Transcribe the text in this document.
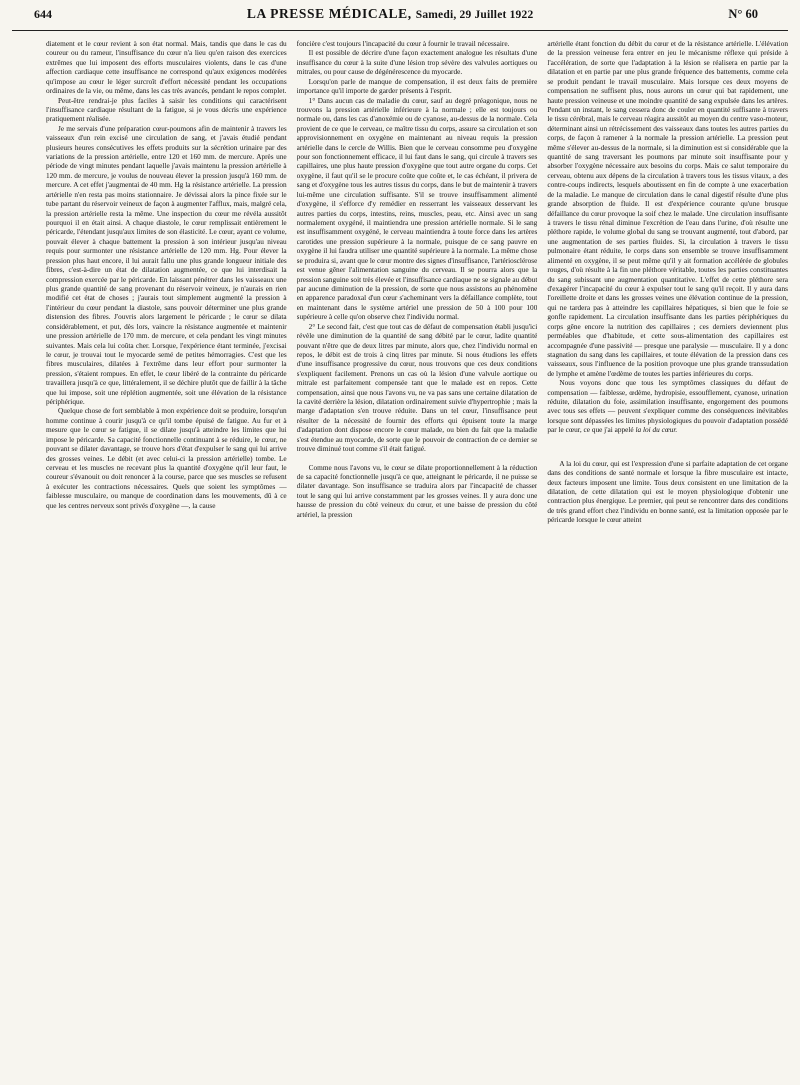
644	LA PRESSE MÉDICALE, Samedi, 29 Juillet 1922	N° 60

diatement et le cœur revient à son état normal. Mais, tandis que dans le cas du coureur ou du rameur, l'insuffisance du cœur n'a lieu qu'en raison des exercices extrêmes que lui imposent des efforts musculaires violents, dans le cas d'une affection cardiaque cette insuffisance ne correspond qu'aux exigences modérées qu'impose au cœur le léger surcroît d'effort nécessité pendant les occupations ordinaires de la vie, ou même, dans les cas très avancés, pendant le repos complet.

Peut-être rendrai-je plus faciles à saisir les conditions qui caractérisent l'insuffisance cardiaque résultant de la fatigue, si je vous décris une expérience pratiquement réalisée.

Je me servais d'une préparation cœur-poumons afin de maintenir à travers les vaisseaux d'un rein excisé une circulation de sang, et j'avais étudié pendant plusieurs heures consécutives les effets produits sur la sécrétion urinaire par des variations de la pression artérielle, entre 120 et 160 mm. de mercure. Après une période de vingt minutes pendant laquelle j'avais maintenu la pression artérielle à 120 mm. de mercure, je voulus de nouveau élever la pression jusqu'à 160 mm. de mercure. A cet effet j'augmentai de 40 mm. Hg la résistance artérielle. La pression artérielle n'en resta pas moins stationnaire. Je dévissai alors la pince fixée sur le tube partant du réservoir veineux de façon à augmenter l'afflux, mais, malgré cela, la pression artérielle resta la même. Une inspection du cœur me révéla aussitôt pourquoi il en était ainsi. A chaque diastole, le cœur remplissait entièrement le péricarde, l'étendant jusqu'aux limites de son élasticité. Le cœur, ayant ce volume, pouvait élever à chaque battement la pression à son intérieur jusqu'au niveau requis pour surmonter une résistance artérielle de 120 mm. Hg. Pour élever la pression plus haut encore, il lui aurait fallu une plus grande longueur initiale des fibres, c'est-à-dire un état de dilatation augmentée, ce que lui interdisait la compression exercée par le péricarde. En laissant pénétrer dans les vaisseaux une plus grande quantité de sang provenant du réservoir veineux, je n'aurais en rien modifié cet état de choses ; j'aurais tout simplement augmenté la pression à l'intérieur du cœur pendant la diastole, sans pouvoir déterminer une plus grande distension des fibres. J'ouvris alors largement le péricarde ; le cœur se dilata considérablement, et put, dès lors, vaincre la résistance augmentée et maintenir une pression artérielle de 170 mm. de mercure, et cela pendant les vingt minutes suivantes. Mais cela lui coûta cher. Lorsque, l'expérience étant terminée, j'excisai le cœur, je trouvai tout le myocarde semé de petites hémorragies. C'est que les fibres musculaires, dilatées à l'extrême dans leur effort pour surmonter la pression, s'étaient rompues. En effet, le cœur libéré de la contrainte du péricarde travaillera jusqu'à ce que, littéralement, il se déchire plutôt que de faillir à la tâche que lui impose, soit une réplétion augmentée, soit une élévation de la résistance périphérique.

Quelque chose de fort semblable à mon expérience doit se produire, lorsqu'un homme continue à courir jusqu'à ce qu'il tombe épuisé de fatigue. Au fur et à mesure que le cœur se fatigue, il se dilate jusqu'à atteindre les limites que lui impose le péricarde. Sa capacité fonctionnelle continuant à se réduire, le cœur, ne pouvant se dilater davantage, se trouve hors d'état d'expulser le sang qui lui arrive des grosses veines. Le débit (et avec celui-ci la pression artérielle) tombe. Le cerveau et les muscles ne recevant plus la quantité d'oxygène qu'il leur faut, le coureur s'évanouit ou doit renoncer à la course, parce que ses muscles se refusent à exécuter les contractions nécessaires. Quels que soient les symptômes — faiblesse musculaire, ou manque de coordination dans les mouvements, dû à ce que les centres nerveux sont privés d'oxygène —, la cause

foncière c'est toujours l'incapacité du cœur à fournir le travail nécessaire.

Il est possible de décrire d'une façon exactement analogue les résultats d'une insuffisance du cœur à la suite d'une lésion trop sévère des valvules aortiques ou mitrales, ou pour cause de dégénérescence du myocarde.

Lorsqu'on parle de manque de compensation, il est deux faits de première importance qu'il importe de garder présents à l'esprit.

1° Dans aucun cas de maladie du cœur, sauf au degré préagonique, nous ne trouvons la pression artérielle inférieure à la normale ; elle est toujours ou normale ou, dans les cas d'anoxémie ou de cyanose, au-dessus de la normale. Cela provient de ce que le cerveau, ce maître tissu du corps, assure sa circulation et son approvisionnement en oxygène en maintenant au niveau requis la pression artérielle dans le cercle de Willis. Bien que le cerveau consomme peu d'oxygène pour son fonctionnement efficace, il lui faut dans le sang, qui circule à travers ses capillaires, une plus haute pression d'oxygène que tout autre organe du corps. Cet oxygène, il faut qu'il se le procure coûte que coûte et, le cas échéant, il privera de sang et d'oxygène tous les autres tissus du corps, dans le but de maintenir à travers lui-même une circulation suffisante. S'il se trouve insuffisamment alimenté d'oxygène, il s'efforce d'y remédier en resserrant les vaisseaux desservant les autres parties du corps, intestins, reins, muscles, peau, etc. Ainsi avec un sang normalement oxygéné, il maintiendra une pression artérielle normale. Si le sang est insuffisamment oxygéné, le cerveau maintiendra à toute force dans les artères carotides une pression supérieure à la normale, puisque de ce sang pauvre en oxygène il lui faudra utiliser une quantité supérieure à la normale. La même chose se produira si, avant que le cœur montre des signes d'insuffisance, l'artériosclérose est venue gêner l'alimentation sanguine du cerveau. Il se pourra alors que la pression sanguine soit très élevée et l'insuffisance cardiaque ne se signale au début par aucune diminution de la pression, de sorte que nous assistons au phénomène en apparence paradoxal d'un cœur s'acheminant vers la défaillance complète, tout en maintenant dans le système artériel une pression de 50 à 100 pour 100 supérieure à celle qu'on observe chez l'individu normal.

2° Le second fait, c'est que tout cas de défaut de compensation établi jusqu'ici révèle une diminution de la quantité de sang débité par le cœur, ladite quantité pouvant n'être que de deux litres par minute, alors que, chez l'individu normal en repos, le débit est de trois à cinq litres par minute. Si nous étudions les effets d'une insuffisance progressive du cœur, nous trouvons que ces deux conditions s'expliquent facilement. Prenons un cas où la lésion d'une valvule aortique ou mitrale est parfaitement compensée tant que le malade est en repos. Cette compensation, ainsi que nous l'avons vu, ne va pas sans une certaine dilatation de la cavité derrière la lésion, dilatation ordinairement suivie d'hypertrophie ; mais la marge d'adaptation s'en trouve réduite. Dans un tel cœur, l'insuffisance peut résulter de la nécessité de fournir des efforts qui épuisent toute la marge d'adaptation dont dispose encore le cœur malade, ou bien du fait que la maladie s'est étendue au myocarde, de sorte que le pouvoir de contraction de ce dernier se trouve diminué tout comme s'il était fatigué.

Comme nous l'avons vu, le cœur se dilate proportionnellement à la réduction de sa capacité fonctionnelle jusqu'à ce que, atteignant le péricarde, il ne puisse se dilater davantage. Son insuffisance se traduira alors par l'incapacité de chasser tout le sang qui lui arrive constamment par les grosses veines. Il y aura donc une hausse de pression du côté veineux du cœur, et une baisse de pression du côté artériel, la pression

artérielle étant fonction du débit du cœur et de la résistance artérielle. L'élévation de la pression veineuse fera entrer en jeu le mécanisme réflexe qui préside à l'accélération, de sorte que l'adaptation à la lésion se réalisera en partie par la dilatation et en partie par une plus grande fréquence des battements, comme cela se produit pendant le travail musculaire. Mais lorsque ces deux moyens de compensation ne suffisent plus, nous aurons un cœur qui bat rapidement, une haute pression veineuse et une moindre quantité de sang expulsée dans les artères. Pendant un instant, le sang cessera donc de couler en quantité suffisante à travers le tissu cérébral, mais le cerveau réagira aussitôt au moyen du centre vaso-moteur, déterminant ainsi un rétrécissement des vaisseaux dans toutes les autres parties du corps, de façon à ramener à la normale la pression artérielle. La pression peut même s'élever au-dessus de la normale, si la diminution est si considérable que la quantité de sang traversant les poumons par minute soit insuffisante pour y absorber l'oxygène nécessaire aux besoins du corps. Mais ce salut temporaire du cerveau, obtenu aux dépens de la circulation à travers tous les tissus vitaux, a des contre-coups indirects, lesquels aboutissent en fin de compte à une exacerbation de la maladie. Le manque de circulation dans le canal digestif résulte d'une plus grande absorption de fluide. Il est d'expérience courante qu'une brusque défaillance du cœur provoque la soif chez le malade. Une circulation insuffisante à travers le tissu rénal diminue l'excrétion de l'eau dans l'urine, d'où résulte une pléthore rapide, le volume global du sang se trouvant augmenté, tout d'abord, par une augmentation de ses parties fluides. Si, la circulation à travers le tissu pulmonaire étant réduite, le corps dans son ensemble se trouve insuffisamment alimenté en oxygène, il se peut même qu'il y ait formation accélérée de globules rouges, d'où résulte à la fin une pléthore véritable, toutes les parties constituantes du sang subissant une augmentation quantitative. L'effet de cette pléthore sera d'exagérer l'incapacité du cœur à expulser tout le sang qu'il reçoit. Il y aura dans l'oreillette droite et dans les grosses veines une élévation continue de la pression, qui ne tardera pas à atteindre les capillaires hépatiques, si bien que le foie se gonfle rapidement. La circulation insuffisante dans les parties périphériques du corps gêne encore la nutrition des capillaires ; ces derniers deviennent plus perméables que d'habitude, et cette sous-alimentation des capillaires est accompagnée d'une passivité — presque une paralysie — musculaire. Il y a donc stagnation du sang dans les capillaires, et toute élévation de la pression dans ces vaisseaux, sous l'influence de la position provoque une plus grande transsudation de lymphe et amène l'œdème de toutes les parties inférieures du corps.

Nous voyons donc que tous les symptômes classiques du défaut de compensation — faiblesse, œdème, hydropisie, essoufflement, cyanose, urination réduite, dilatation du foie, assimilation insuffisante, engorgement des poumons avec tous ses effets — peuvent s'expliquer comme des conséquences inévitables lorsque sont dépassées les limites physiologiques du pouvoir d'adaptation possédé par le cœur, ce que j'ai appelé la loi du cœur.

A la loi du cœur, qui est l'expression d'une si parfaite adaptation de cet organe dans des conditions de santé normale et lorsque la fibre musculaire est intacte, deux facteurs imposent une limite. Tous deux consistent en une limitation de la dilatation, de cette dilatation qui est le moyen physiologique d'obtenir une contraction plus énergique. Le premier, qui peut se rencontrer dans des conditions de très grand effort chez l'individu en bonne santé, est la limitation opposée par le péricarde lorsque le cœur atteint
